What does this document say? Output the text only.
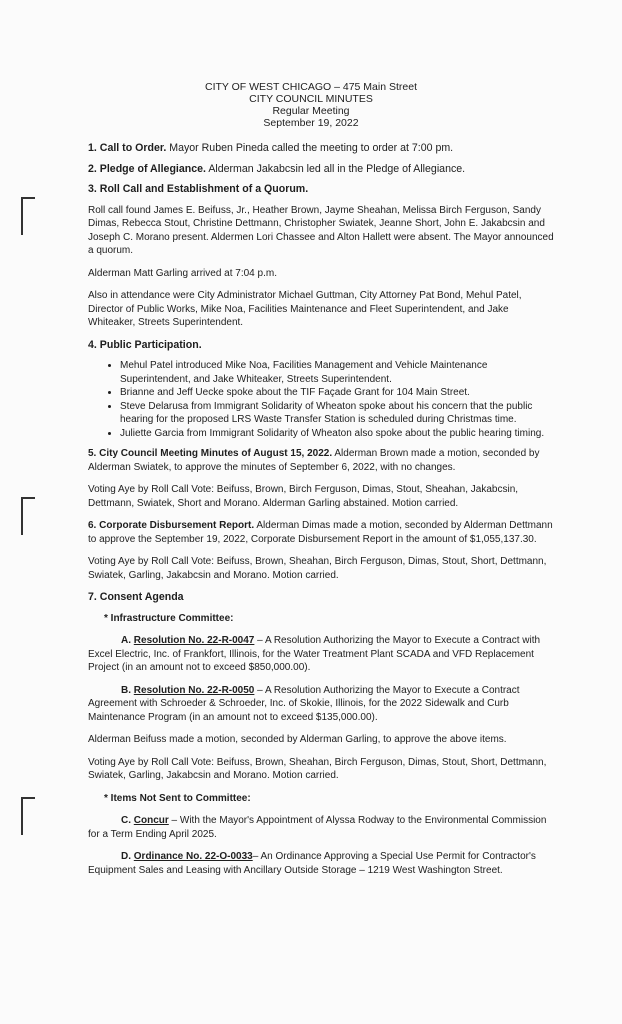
CITY OF WEST CHICAGO – 475 Main Street
CITY COUNCIL MINUTES
Regular Meeting
September 19, 2022
1. Call to Order. Mayor Ruben Pineda called the meeting to order at 7:00 pm.
2. Pledge of Allegiance. Alderman Jakabcsin led all in the Pledge of Allegiance.
3. Roll Call and Establishment of a Quorum.

Roll call found James E. Beifuss, Jr., Heather Brown, Jayme Sheahan, Melissa Birch Ferguson, Sandy Dimas, Rebecca Stout, Christine Dettmann, Christopher Swiatek, Jeanne Short, John E. Jakabcsin and Joseph C. Morano present. Aldermen Lori Chassee and Alton Hallett were absent. The Mayor announced a quorum.

Alderman Matt Garling arrived at 7:04 p.m.

Also in attendance were City Administrator Michael Guttman, City Attorney Pat Bond, Mehul Patel, Director of Public Works, Mike Noa, Facilities Maintenance and Fleet Superintendent, and Jake Whiteaker, Streets Superintendent.

4. Public Participation.
• Mehul Patel introduced Mike Noa, Facilities Management and Vehicle Maintenance Superintendent, and Jake Whiteaker, Streets Superintendent.
• Brianne and Jeff Uecke spoke about the TIF Façade Grant for 104 Main Street.
• Steve Delarusa from Immigrant Solidarity of Wheaton spoke about his concern that the public hearing for the proposed LRS Waste Transfer Station is scheduled during Christmas time.
• Juliette Garcia from Immigrant Solidarity of Wheaton also spoke about the public hearing timing.

5. City Council Meeting Minutes of August 15, 2022. Alderman Brown made a motion, seconded by Alderman Swiatek, to approve the minutes of September 6, 2022, with no changes.

Voting Aye by Roll Call Vote: Beifuss, Brown, Birch Ferguson, Dimas, Stout, Sheahan, Jakabcsin, Dettmann, Swiatek, Short and Morano. Alderman Garling abstained. Motion carried.

6. Corporate Disbursement Report. Alderman Dimas made a motion, seconded by Alderman Dettmann to approve the September 19, 2022, Corporate Disbursement Report in the amount of $1,055,137.30.

Voting Aye by Roll Call Vote: Beifuss, Brown, Sheahan, Birch Ferguson, Dimas, Stout, Short, Dettmann, Swiatek, Garling, Jakabcsin and Morano. Motion carried.

7. Consent Agenda
* Infrastructure Committee:

A. Resolution No. 22-R-0047 – A Resolution Authorizing the Mayor to Execute a Contract with Excel Electric, Inc. of Frankfort, Illinois, for the Water Treatment Plant SCADA and VFD Replacement Project (in an amount not to exceed $850,000.00).

B. Resolution No. 22-R-0050 – A Resolution Authorizing the Mayor to Execute a Contract Agreement with Schroeder & Schroeder, Inc. of Skokie, Illinois, for the 2022 Sidewalk and Curb Maintenance Program (in an amount not to exceed $135,000.00).

Alderman Beifuss made a motion, seconded by Alderman Garling, to approve the above items.

Voting Aye by Roll Call Vote: Beifuss, Brown, Sheahan, Birch Ferguson, Dimas, Stout, Short, Dettmann, Swiatek, Garling, Jakabcsin and Morano. Motion carried.

* Items Not Sent to Committee:

C. Concur – With the Mayor's Appointment of Alyssa Rodway to the Environmental Commission for a Term Ending April 2025.

D. Ordinance No. 22-O-0033– An Ordinance Approving a Special Use Permit for Contractor's Equipment Sales and Leasing with Ancillary Outside Storage – 1219 West Washington Street.
